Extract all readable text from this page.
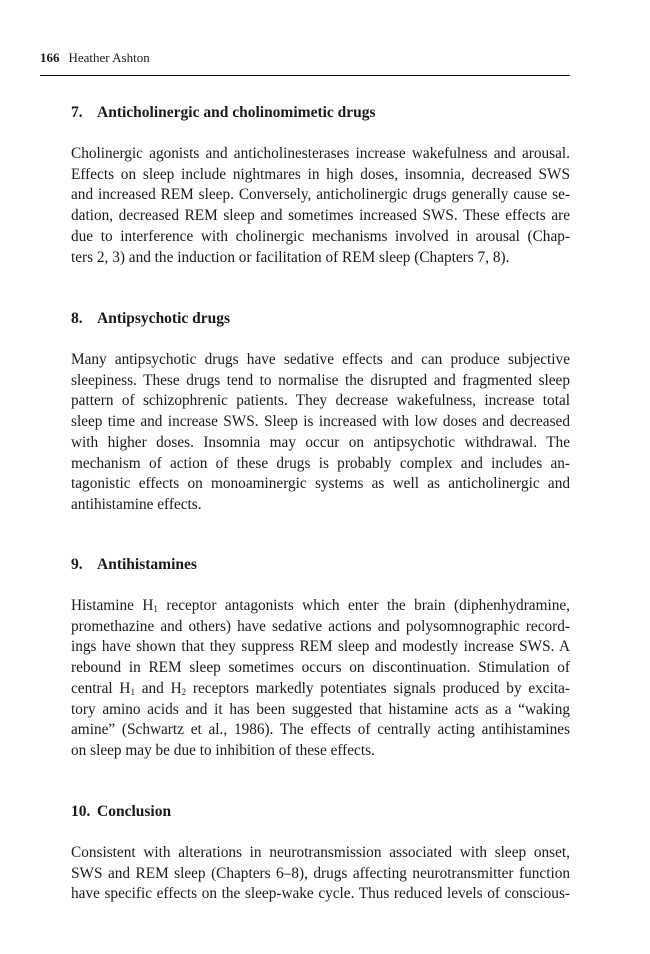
166 Heather Ashton
7. Anticholinergic and cholinomimetic drugs

Cholinergic agonists and anticholinesterases increase wakefulness and arousal.
Effects on sleep include nightmares in high doses, insomnia, decreased SWS
and increased REM sleep. Conversely, anticholinergic drugs generally cause se-
dation, decreased REM sleep and sometimes increased SWS. These effects are
due to interference with cholinergic mechanisms involved in arousal (Chap-
ters 2, 3) and the induction or facilitation of REM sleep (Chapters 7, 8).

8. Antipsychotic drugs

Many antipsychotic drugs have sedative effects and can produce subjective
sleepiness. These drugs tend to normalise the disrupted and fragmented sleep
pattern of schizophrenic patients. They decrease wakefulness, increase total
sleep time and increase SWS. Sleep is increased with low doses and decreased
with higher doses. Insomnia may occur on antipsychotic withdrawal. The
mechanism of action of these drugs is probably complex and includes an-
tagonistic effects on monoaminergic systems as well as anticholinergic and
antihistamine effects.

9. Antihistamines

Histamine $H_1$ receptor antagonists which enter the brain (diphenhydramine,
promethazine and others) have sedative actions and polysomnographic record-
ings have shown that they suppress REM sleep and modestly increase SWS. A
rebound in REM sleep sometimes occurs on discontinuation. Stimulation of
central $H_1$ and $H_2$ receptors markedly potentiates signals produced by excita-
tory amino acids and it has been suggested that histamine acts as a “waking
amine” (Schwartz et al., 1986). The effects of centrally acting antihistamines
on sleep may be due to inhibition of these effects.

10. Conclusion

Consistent with alterations in neurotransmission associated with sleep onset,
SWS and REM sleep (Chapters 6–8), drugs affecting neurotransmitter function
have specific effects on the sleep-wake cycle. Thus reduced levels of conscious-
